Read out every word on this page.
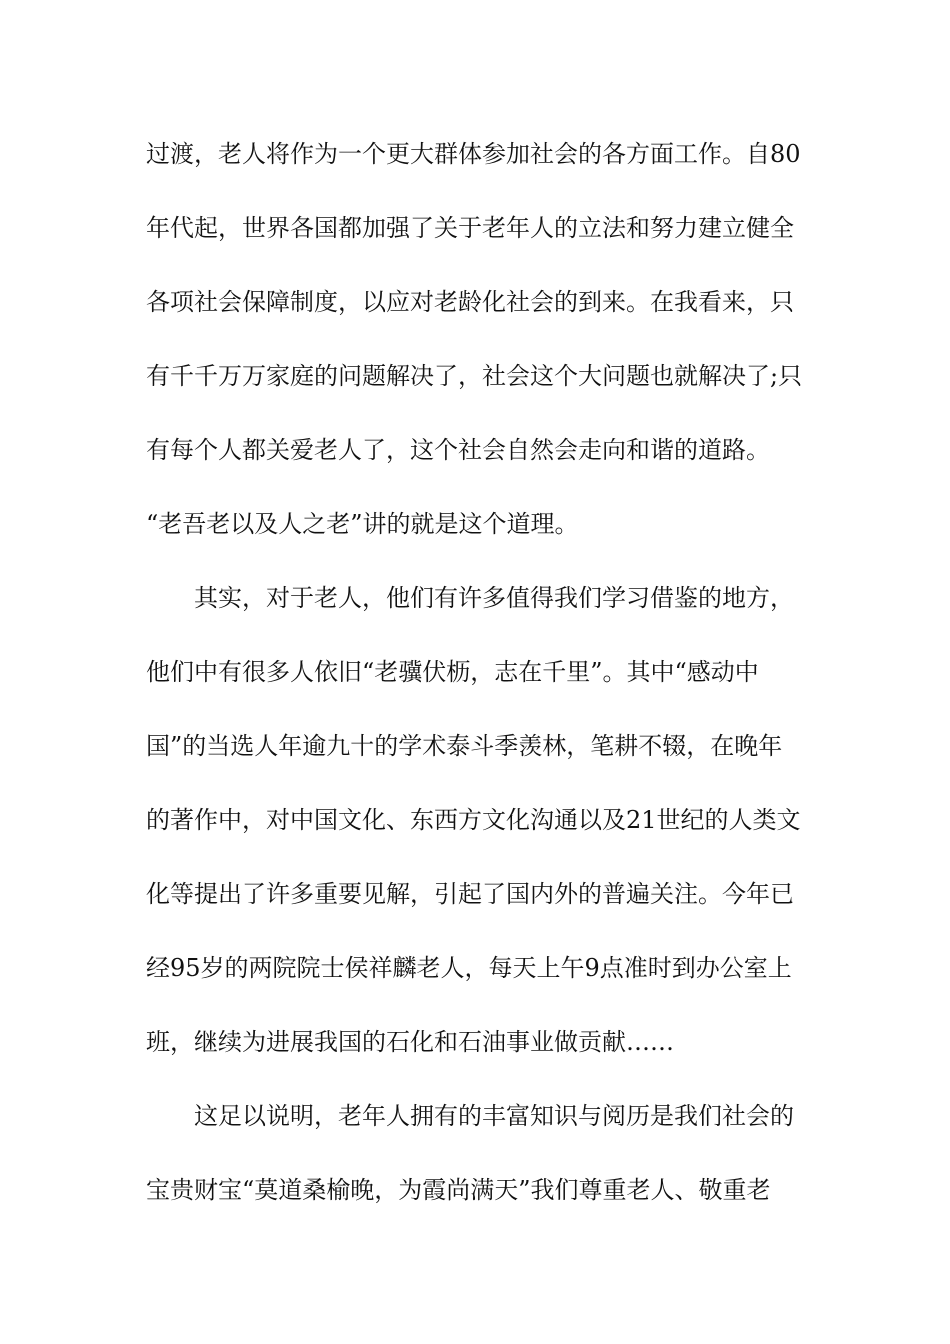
过渡，老人将作为一个更大群体参加社会的各方面工作。自80
年代起，世界各国都加强了关于老年人的立法和努力建立健全
各项社会保障制度，以应对老龄化社会的到来。在我看来，只
有千千万万家庭的问题解决了，社会这个大问题也就解决了;只
有每个人都关爱老人了，这个社会自然会走向和谐的道路。
“老吾老以及人之老”讲的就是这个道理。
其实，对于老人，他们有许多值得我们学习借鉴的地方，
他们中有很多人依旧“老骥伏枥，志在千里”。其中“感动中
国”的当选人年逾九十的学术泰斗季羡林，笔耕不辍，在晚年
的著作中，对中国文化、东西方文化沟通以及21世纪的人类文
化等提出了许多重要见解，引起了国内外的普遍关注。今年已
经95岁的两院院士侯祥麟老人，每天上午9点准时到办公室上
班，继续为进展我国的石化和石油事业做贡献……
这足以说明，老年人拥有的丰富知识与阅历是我们社会的
宝贵财宝“莫道桑榆晚，为霞尚满天”我们尊重老人、敬重老
